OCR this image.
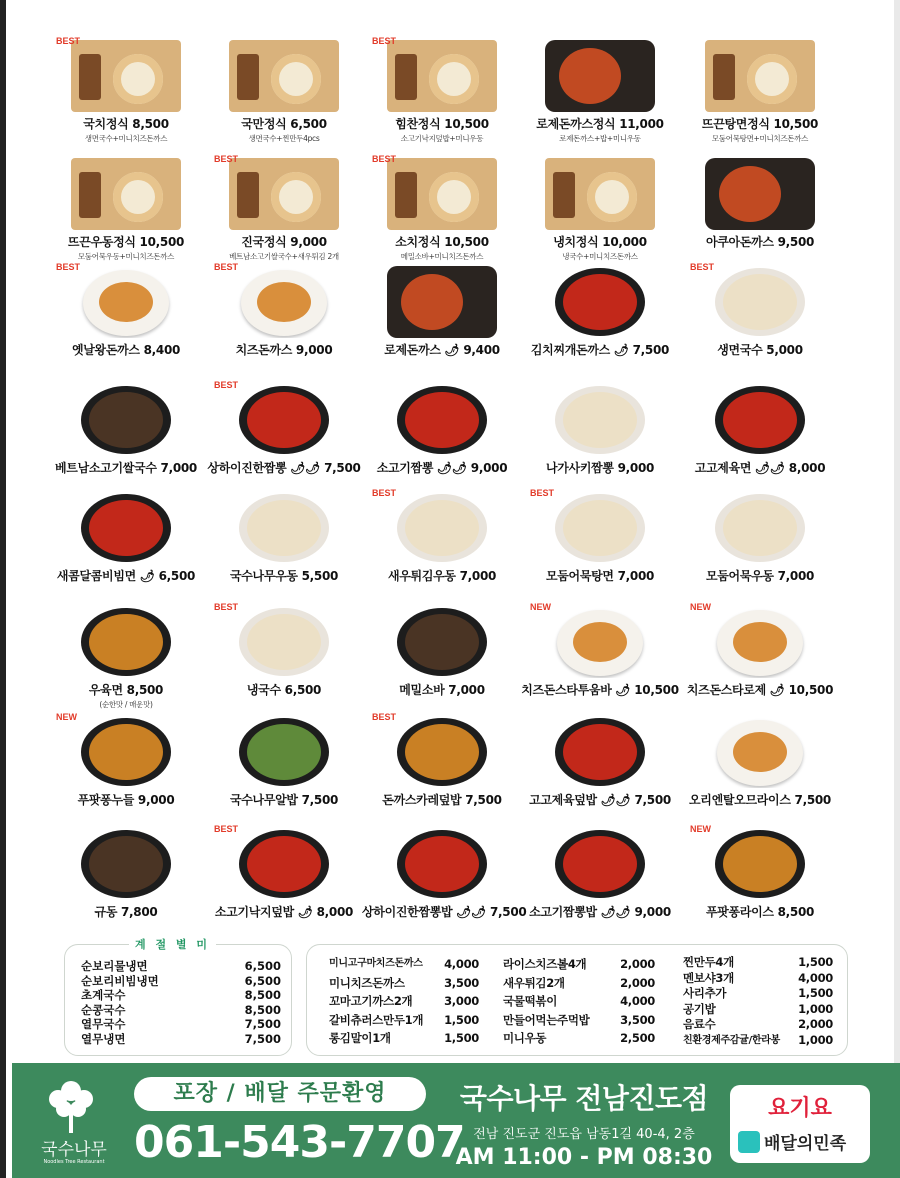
BEST
국치정식 8,500
생면국수+미니치즈돈까스
국만정식 6,500
생면국수+찐만두4pcs
BEST
힘찬정식 10,500
소고기낙지덮밥+미니우동
로제돈까스정식 11,000
로제돈까스+밥+미니우동
뜨끈탕면정식 10,500
모둠어묵탕면+미니치즈돈까스
뜨끈우동정식 10,500
모둠어묵우동+미니치즈돈까스
BEST
진국정식 9,000
베트남소고기쌀국수+새우튀김 2개
BEST
소치정식 10,500
메밀소바+미니치즈돈까스
냉치정식 10,000
냉국수+미니치즈돈까스
아쿠아돈까스 9,500
BEST
옛날왕돈까스 8,400
BEST
치즈돈까스 9,000	로제돈까스 🌶 9,400	김치찌개돈까스 🌶 7,500
BEST
생면국수 5,000
베트남소고기쌀국수 7,000
BEST
상하이진한짬뽕 🌶🌶 7,500	소고기짬뽕 🌶🌶 9,000	나가사키짬뽕 9,000	고고제육면 🌶🌶 8,000
새콤달콤비빔면 🌶 6,500	국수나무우동 5,500
BEST
새우튀김우동 7,000
BEST
모둠어묵탕면 7,000	모둠어묵우동 7,000
우육면 8,500
(순한맛 / 매운맛)
BEST
냉국수 6,500	메밀소바 7,000
NEW
치즈돈스타투움바 🌶 10,500
NEW
치즈돈스타로제 🌶 10,500
NEW
푸팟퐁누들 9,000	국수나무알밥 7,500
BEST
돈까스카레덮밥 7,500	고고제육덮밥 🌶🌶 7,500	오리엔탈오므라이스 7,500
규동 7,800
BEST
소고기낙지덮밥 🌶 8,000 상하이진한짬뽕밥 🌶🌶 7,500 소고기짬뽕밥 🌶🌶 9,000
NEW
푸팟퐁라이스 8,500
계 절 별 미
순보리물냉면	6,500
순보리비빔냉면	6,500
초계국수	8,500
순콩국수	8,500
열무국수	7,500
열무냉면	7,500
미니고구마치즈돈까스 4,000
미니치즈돈까스	3,500
꼬마고기까스2개	3,000
갈비츄러스만두1개 1,500
롱김말이1개	1,500
라이스치즈볼4개	2,000
새우튀김2개	2,000
국물떡볶이	4,000
만들어먹는주먹밥	3,500
미니우동	2,500
찐만두4개	1,500
멘보샤3개	4,000
사리추가	1,500
공기밥	1,000
음료수	2,000
친환경제주감귤/한라봉 1,000
국수나무
Noodles Tree Restaurant
포장 / 배달 주문환영
061-543-7707
국수나무 전남진도점
전남 진도군 진도읍 남동1길 40-4, 2층
AM 11:00 - PM 08:30
요기요
배달의민족
